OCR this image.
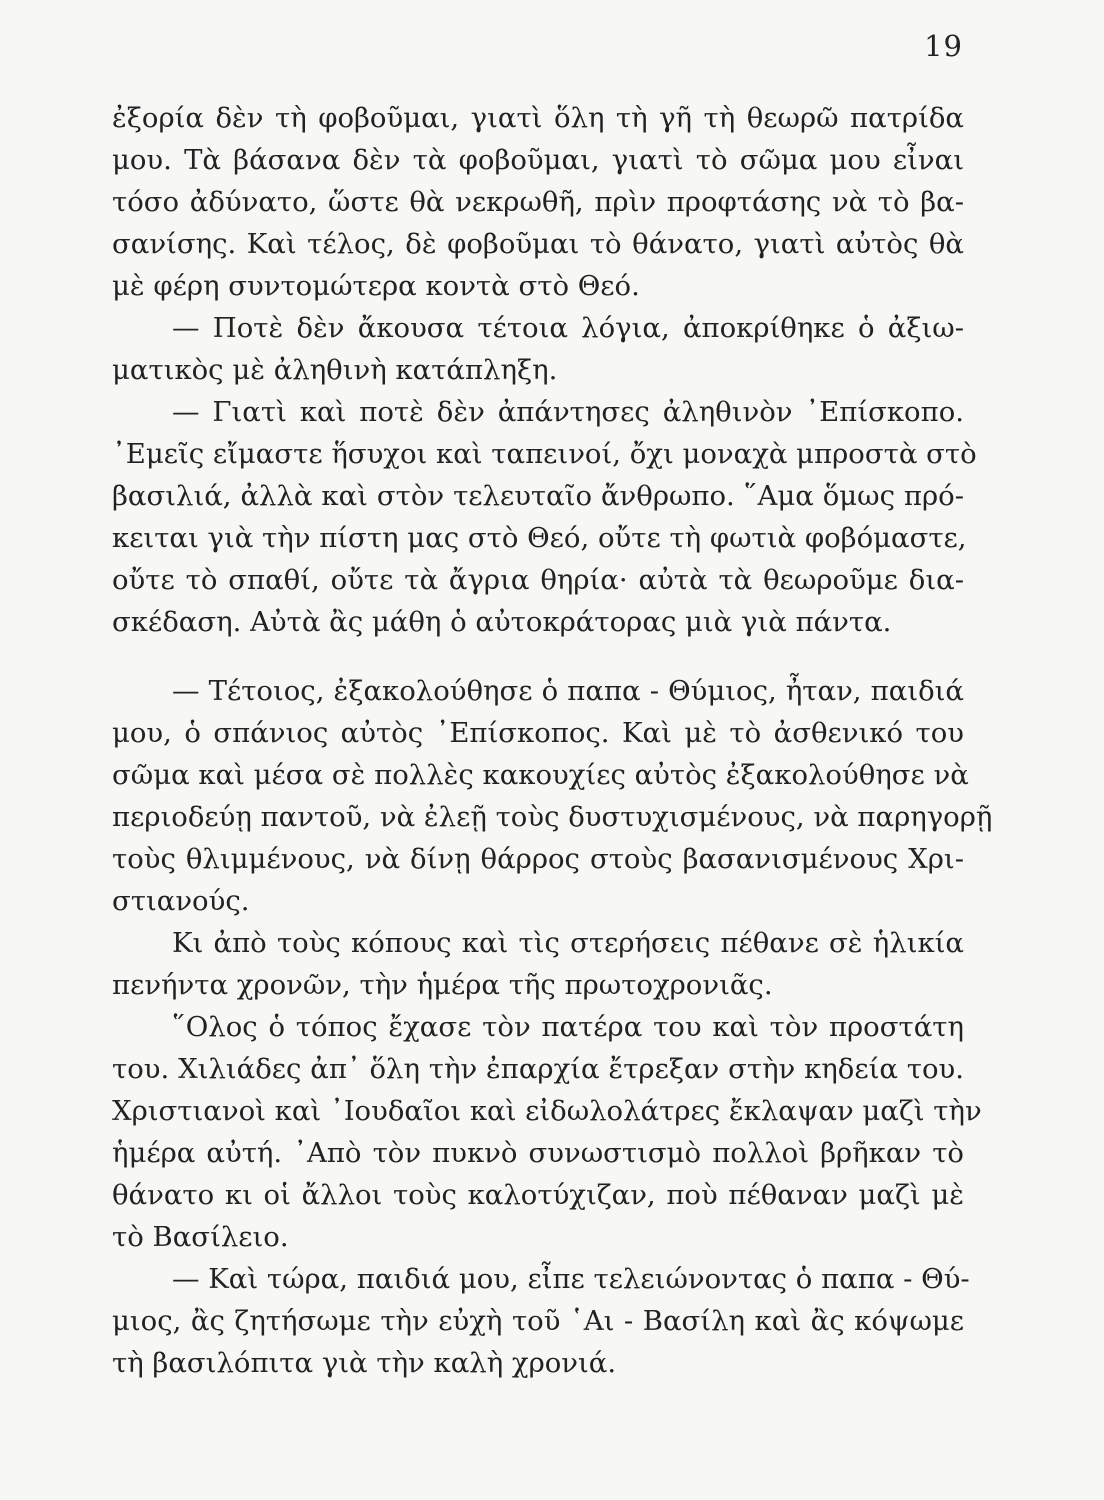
19
ἐξορία δὲν τὴ φοβοῦμαι, γιατὶ ὅλη τὴ γῆ τὴ θεωρῶ πατρίδα
μου. Τὰ βάσανα δὲν τὰ φοβοῦμαι, γιατὶ τὸ σῶμα μου εἶναι
τόσο ἀδύνατο, ὥστε θὰ νεκρωθῆ, πρὶν προφτάσης νὰ τὸ βα-
σανίσης. Καὶ τέλος, δὲ φοβοῦμαι τὸ θάνατο, γιατὶ αὐτὸς θὰ
μὲ φέρη συντομώτερα κοντὰ στὸ Θεό.
— Ποτὲ δὲν ἄκουσα τέτοια λόγια, ἀποκρίθηκε ὁ ἀξιω-
ματικὸς μὲ ἀληθινὴ κατάπληξη.
— Γιατὶ καὶ ποτὲ δὲν ἀπάντησες ἀληθινὸν ᾿Επίσκοπο.
᾿Εμεῖς εἴμαστε ἥσυχοι καὶ ταπεινοί, ὄχι μοναχὰ μπροστὰ στὸ
βασιλιά, ἀλλὰ καὶ στὸν τελευταῖο ἄνθρωπο. ῞Αμα ὅμως πρό-
κειται γιὰ τὴν πίστη μας στὸ Θεό, οὔτε τὴ φωτιὰ φοβόμαστε,
οὔτε τὸ σπαθί, οὔτε τὰ ἄγρια θηρία· αὐτὰ τὰ θεωροῦμε δια-
σκέδαση. Αὐτὰ ἂς μάθη ὁ αὐτοκράτορας μιὰ γιὰ πάντα.
— Τέτοιος, ἐξακολούθησε ὁ παπα - Θύμιος, ἦταν, παιδιά
μου, ὁ σπάνιος αὐτὸς ᾿Επίσκοπος. Καὶ μὲ τὸ ἀσθενικό του
σῶμα καὶ μέσα σὲ πολλὲς κακουχίες αὐτὸς ἐξακολούθησε νὰ
περιοδεύῃ παντοῦ, νὰ ἐλεῇ τοὺς δυστυχισμένους, νὰ παρηγορῇ
τοὺς θλιμμένους, νὰ δίνῃ θάρρος στοὺς βασανισμένους Χρι-
στιανούς.
Κι ἀπὸ τοὺς κόπους καὶ τὶς στερήσεις πέθανε σὲ ἡλικία
πενήντα χρονῶν, τὴν ἡμέρα τῆς πρωτοχρονιᾶς.
῞Ολος ὁ τόπος ἔχασε τὸν πατέρα του καὶ τὸν προστάτη
του. Χιλιάδες ἀπ᾿ ὅλη τὴν ἐπαρχία ἔτρεξαν στὴν κηδεία του.
Χριστιανοὶ καὶ ᾿Ιουδαῖοι καὶ εἰδωλολάτρες ἔκλαψαν μαζὶ τὴν
ἡμέρα αὐτή. ᾿Απὸ τὸν πυκνὸ συνωστισμὸ πολλοὶ βρῆκαν τὸ
θάνατο κι οἱ ἄλλοι τοὺς καλοτύχιζαν, ποὺ πέθαναν μαζὶ μὲ
τὸ Βασίλειο.
— Καὶ τώρα, παιδιά μου, εἶπε τελειώνοντας ὁ παπα - Θύ-
μιος, ἂς ζητήσωμε τὴν εὐχὴ τοῦ ῾Αι - Βασίλη καὶ ἂς κόψωμε
τὴ βασιλόπιτα γιὰ τὴν καλὴ χρονιά.
